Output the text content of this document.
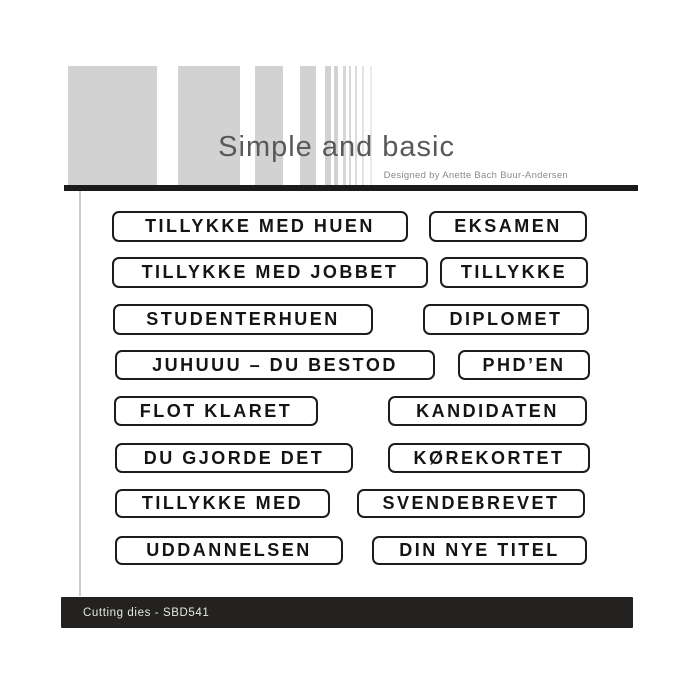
Simple and basic
Designed by Anette Bach Buur-Andersen
TILLYKKE MED HUEN	EKSAMEN
TILLYKKE MED JOBBET	TILLYKKE
STUDENTERHUEN	DIPLOMET
JUHUUU – DU BESTOD	PHD’EN
FLOT KLARET	KANDIDATEN
DU GJORDE DET	KØREKORTET
TILLYKKE MED	SVENDEBREVET
UDDANNELSEN	DIN NYE TITEL
Cutting dies - SBD541
